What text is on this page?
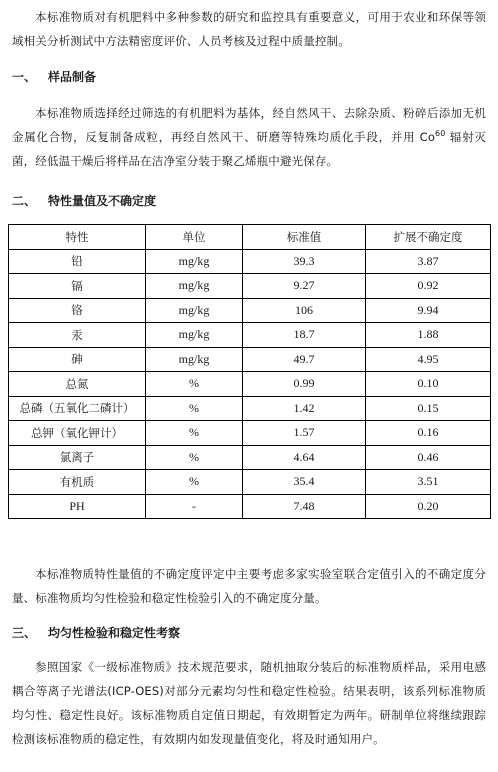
本标准物质对有机肥料中多种参数的研究和监控具有重要意义，可用于农业和环保等领域相关分析测试中方法精密度评价、人员考核及过程中质量控制。

一、 样品制备

本标准物质选择经过筛选的有机肥料为基体，经自然风干、去除杂质、粉碎后添加无机金属化合物，反复制备成粒，再经自然风干、研磨等特殊均质化手段，并用 Co$^{60}$ 辐射灭菌，经低温干燥后将样品在洁净室分装于聚乙烯瓶中避光保存。

二、 特性量值及不确定度
特性	单位	标准值	扩展不确定度
铅	mg/kg	39.3	3.87
镉	mg/kg	9.27	0.92
铬	mg/kg	106	9.94
汞	mg/kg	18.7	1.88
砷	mg/kg	49.7	4.95
总氮	%	0.99	0.10
总磷（五氧化二磷计）	%	1.42	0.15
总钾（氧化钾计）	%	1.57	0.16
氯离子	%	4.64	0.46
有机质	%	35.4	3.51
PH	-	7.48	0.20

本标准物质特性量值的不确定度评定中主要考虑多家实验室联合定值引入的不确定度分量、标准物质均匀性检验和稳定性检验引入的不确定度分量。

三、 均匀性检验和稳定性考察

参照国家《一级标准物质》技术规范要求，随机抽取分装后的标准物质样品，采用电感耦合等离子光谱法(ICP-OES)对部分元素均匀性和稳定性检验。结果表明，该系列标准物质均匀性、稳定性良好。该标准物质自定值日期起，有效期暂定为两年。研制单位将继续跟踪检测该标准物质的稳定性，有效期内如发现量值变化，将及时通知用户。
